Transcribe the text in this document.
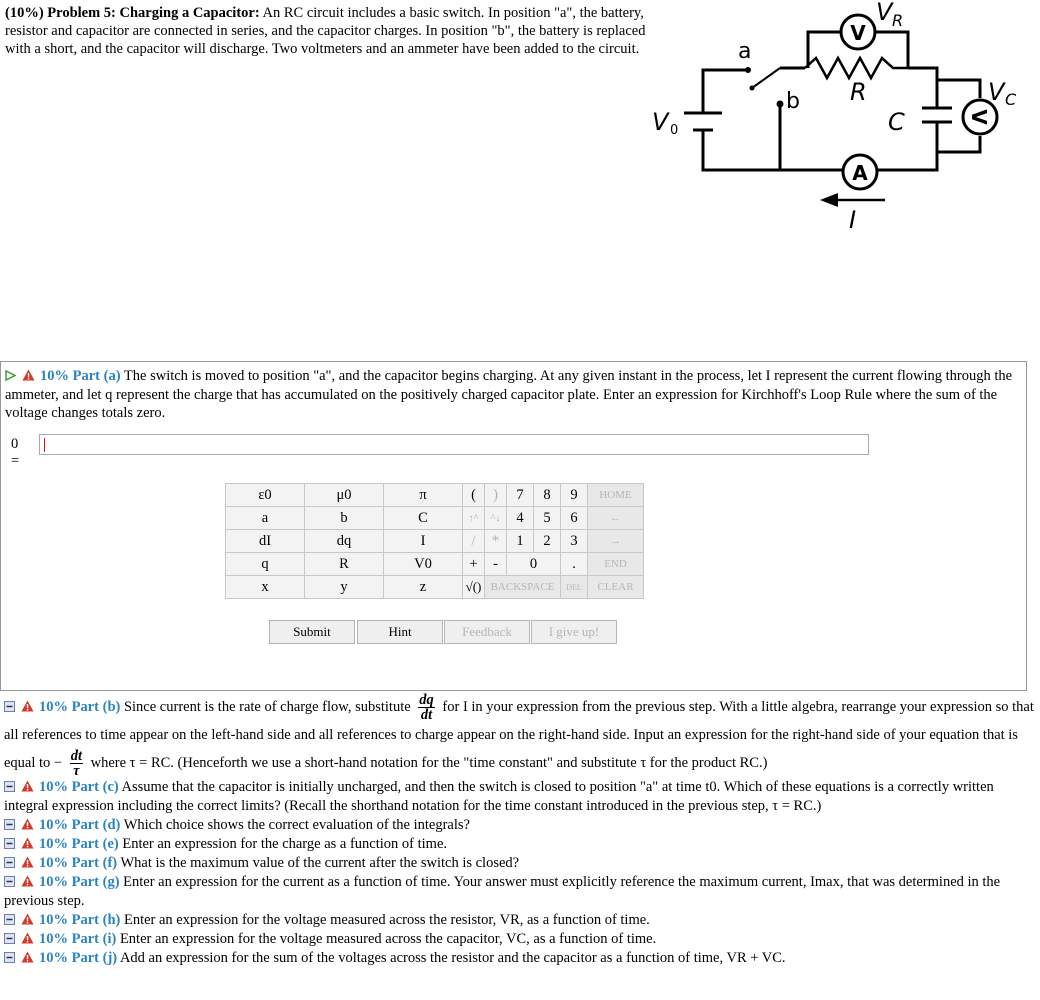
(10%) Problem 5: Charging a Capacitor: An RC circuit includes a basic switch. In position "a", the battery, resistor and capacitor are connected in series, and the capacitor charges. In position "b", the battery is replaced with a short, and the capacitor will discharge. Two voltmeters and an ammeter have been added to the circuit.
V
V
A
a
b R
C
V 0
V R
V C
I
10% Part (a) The switch is moved to position "a", and the capacitor begins charging. At any given instant in the process, let I represent the current flowing through the ammeter, and let q represent the charge that has accumulated on the positively charged capacitor plate. Enter an expression for Kirchhoff's Loop Rule where the sum of the voltage changes totals zero.
0 =
ε0	μ0	π	(	)	7	8	9	HOME
a	b	C	↑^	^↓	4	5	6	←
dI	dq	I	/	*	1	2	3	→
q	R	V0	+	-	0		.	END
x	y	z	√()	BACKSPACE			DEL	CLEAR
Submit	Hint	Feedback	I give up!
10% Part (b) Since current is the rate of charge flow, substitute $\frac{dq}{dt}$ for I in your expression from the previous step. With a little algebra, rearrange your expression so that all references to time appear on the left-hand side and all references to charge appear on the right-hand side. Input an expression for the right-hand side of your equation that is equal to − $\frac{dt}{\tau}$ where τ = RC. (Henceforth we use a short-hand notation for the "time constant" and substitute τ for the product RC.)
10% Part (c) Assume that the capacitor is initially uncharged, and then the switch is closed to position "a" at time t0. Which of these equations is a correctly written integral expression including the correct limits? (Recall the shorthand notation for the time constant introduced in the previous step, τ = RC.)
10% Part (d) Which choice shows the correct evaluation of the integrals?
10% Part (e) Enter an expression for the charge as a function of time.
10% Part (f) What is the maximum value of the current after the switch is closed?
10% Part (g) Enter an expression for the current as a function of time. Your answer must explicitly reference the maximum current, Imax, that was determined in the previous step.
10% Part (h) Enter an expression for the voltage measured across the resistor, VR, as a function of time.
10% Part (i) Enter an expression for the voltage measured across the capacitor, VC, as a function of time.
10% Part (j) Add an expression for the sum of the voltages across the resistor and the capacitor as a function of time, VR + VC.
